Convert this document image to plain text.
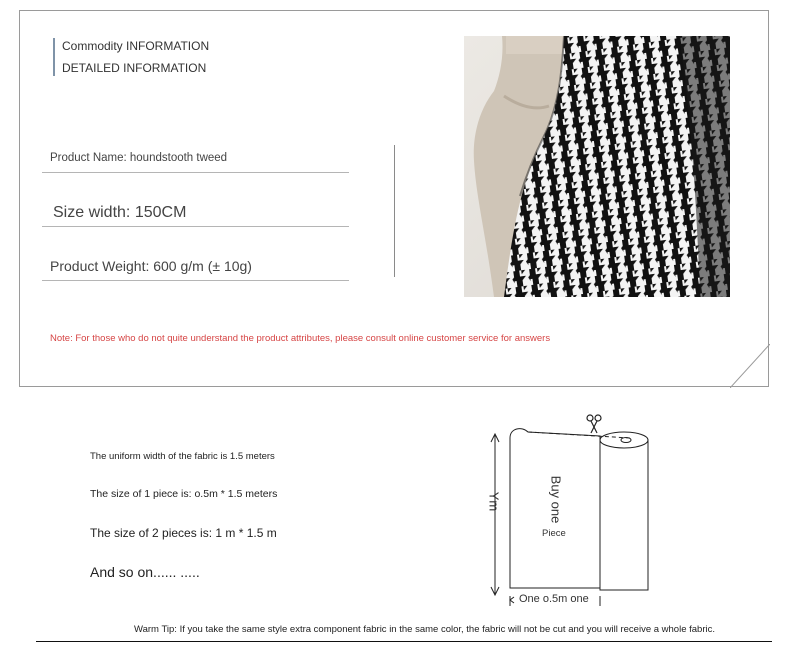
Commodity INFORMATION
DETAILED INFORMATION
Product Name: houndstooth tweed
Size width: 150CM
Product Weight: 600 g/m (± 10g)
Note: For those who do not quite understand the product attributes, please consult online customer service for answers
The uniform width of the fabric is 1.5 meters
The size of 1 piece is: o.5m * 1.5 meters
The size of 2 pieces is: 1 m * 1.5 m
And so on...... .....
Ym	Buy one
Piece
One o.5m one
Warm Tip: If you take the same style extra component fabric in the same color, the fabric will not be cut and you will receive a whole fabric.
